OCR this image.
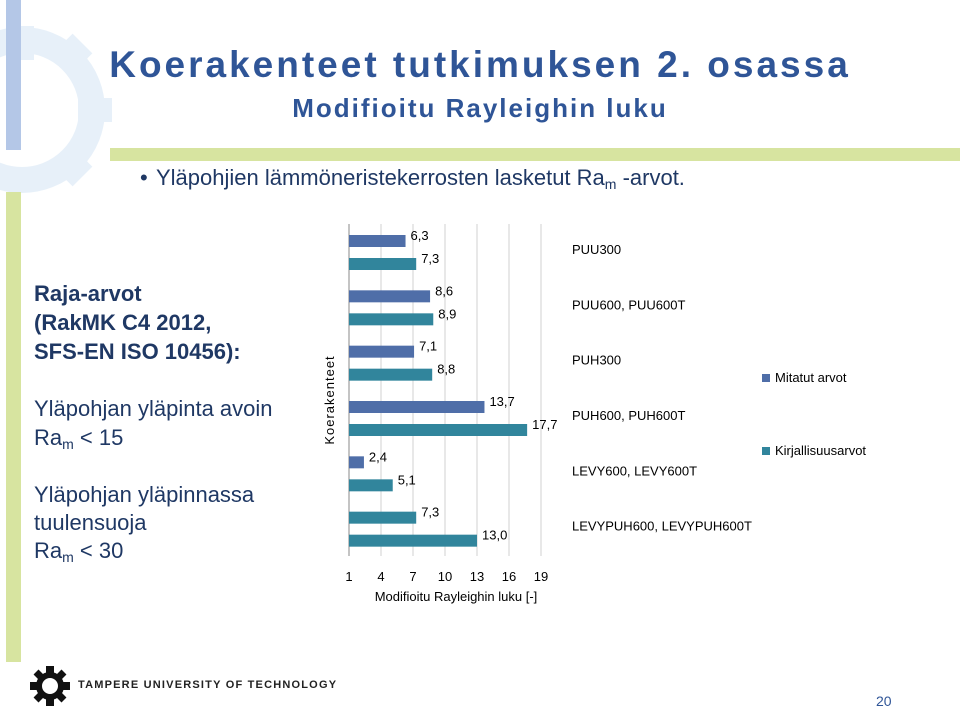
Koerakenteet tutkimuksen 2. osassa
Modifioitu Rayleighin luku
• Yläpohjien lämmöneristekerrosten lasketut $Ra_m$ -arvot.
Raja-arvot
(RakMK C4 2012,
SFS-EN ISO 10456):
Yläpohjan yläpinta avoin
$Ra_m < 15$
Yläpohjan yläpinnassa
tuulensuoja
$Ra_m < 30$
1 4 7 10 13 16 19
6,3
7,3
PUU300
8,6
8,9
PUU600, PUU600T
7,1
8,8
PUH300
13,7
17,7
PUH600, PUH600T
2,4
5,1
LEVY600, LEVY600T
7,3
13,0
LEVYPUH600, LEVYPUH600T
Modifioitu Rayleighin luku [-]
Koerakenteet	Mitatut arvot
Kirjallisuusarvot
TAMPERE UNIVERSITY OF TECHNOLOGY
20
